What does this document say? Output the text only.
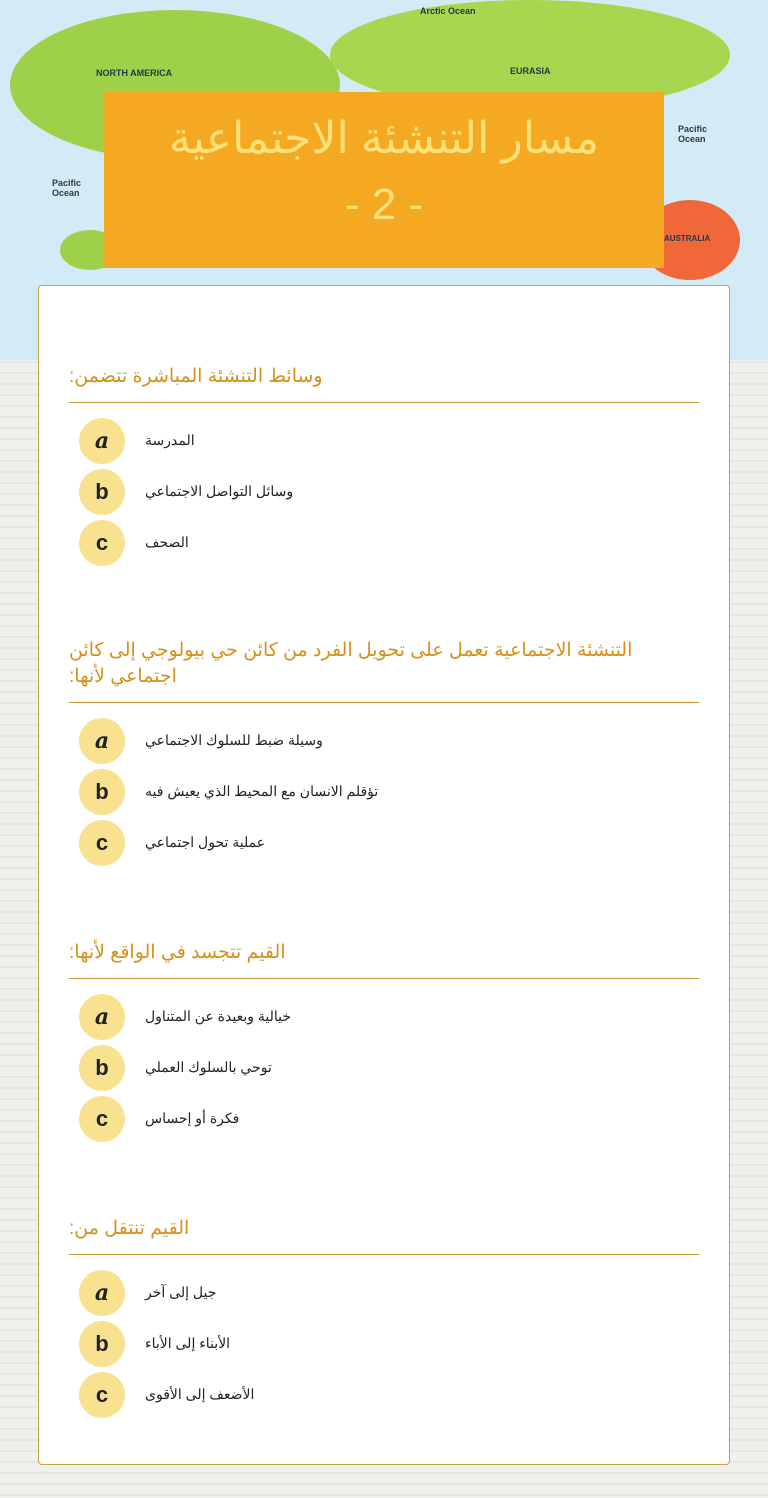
NORTH AMERICA
Arctic Ocean
EURASIA
Pacific Ocean
Pacific Ocean
AUSTRALIA
مسار التنشئة الاجتماعية
- 2 -
وسائط التنشئة المباشرة تتضمن:
a	المدرسة
b	وسائل التواصل الاجتماعي
c	الصحف
التنشئة الاجتماعية تعمل على تحويل الفرد من كائن حي بيولوجي إلى كائن اجتماعي لأنها:
a	وسيلة ضبط للسلوك الاجتماعي
b	تؤقلم الانسان مع المحيط الذي يعيش فيه
c	عملية تحول اجتماعي
القيم تتجسد في الواقع لأنها:
a	خيالية وبعيدة عن المتناول
b	توحي بالسلوك العملي
c	فكرة أو إحساس
القيم تنتقل من:
a	جيل إلى آخر
b	الأبناء إلى الأباء
c	الأضعف إلى الأقوى
